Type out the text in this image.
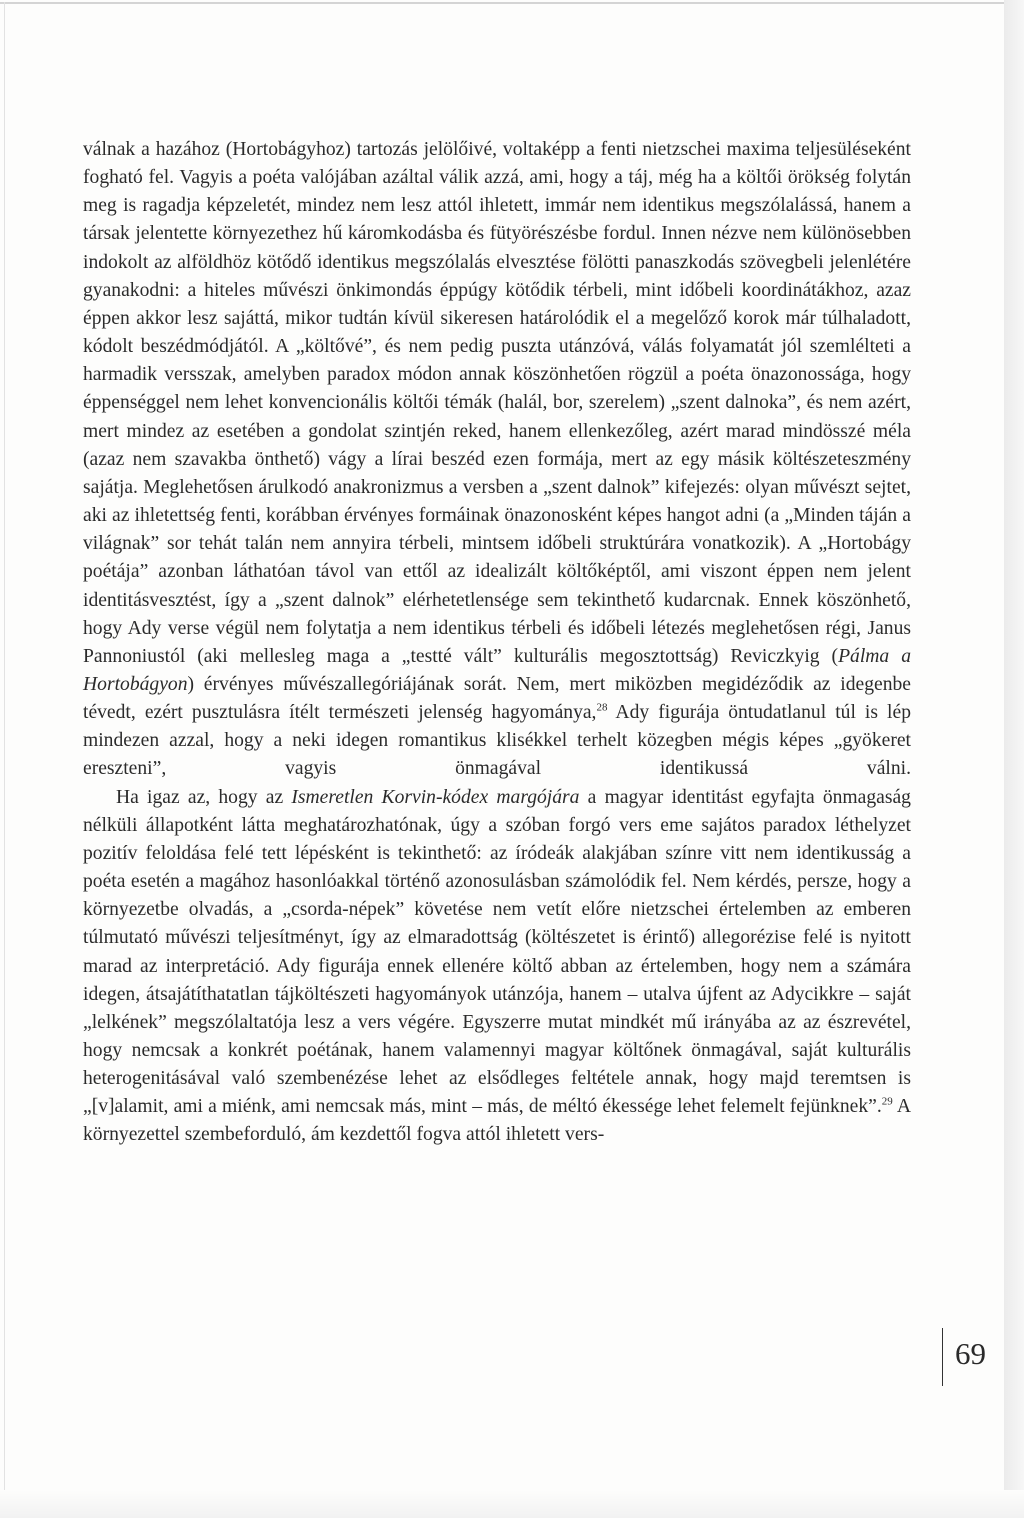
válnak a hazához (Hortobágyhoz) tartozás jelölőivé, voltaképp a fenti nietzschei maxima teljesüléseként fogható fel. Vagyis a poéta valójában azáltal válik azzá, ami, hogy a táj, még ha a költői örökség folytán meg is ragadja képzeletét, mindez nem lesz attól ihletett, immár nem identikus megszólalássá, hanem a társak jelentette környezethez hű káromkodásba és fütyörészésbe fordul. Innen nézve nem különösebben indokolt az alföldhöz kötődő identikus megszólalás elvesztése fölötti panaszkodás szövegbeli jelenlétére gyanakodni: a hiteles művészi önkimondás éppúgy kötődik térbeli, mint időbeli koordinátákhoz, azaz éppen akkor lesz sajáttá, mikor tudtán kívül sikeresen határolódik el a megelőző korok már túlhaladott, kódolt beszédmódjától. A „költővé”, és nem pedig puszta utánzóvá, válás folyamatát jól szemlélteti a harmadik versszak, amelyben paradox módon annak köszönhetően rögzül a poéta önazonossága, hogy éppenséggel nem lehet konvencionális költői témák (halál, bor, szerelem) „szent dalnoka”, és nem azért, mert mindez az esetében a gondolat szintjén reked, hanem ellenkezőleg, azért marad mindösszé méla (azaz nem szavakba önthető) vágy a lírai beszéd ezen formája, mert az egy másik költészeteszmény sajátja. Meglehetősen árulkodó anakronizmus a versben a „szent dalnok” kifejezés: olyan művészt sejtet, aki az ihletettség fenti, korábban érvényes formáinak önazonosként képes hangot adni (a „Minden táján a világnak” sor tehát talán nem annyira térbeli, mintsem időbeli struktúrára vonatkozik). A „Hortobágy poétája” azonban láthatóan távol van ettől az idealizált költőképtől, ami viszont éppen nem jelent identitásvesztést, így a „szent dalnok” elérhetetlensége sem tekinthető kudarcnak. Ennek köszönhető, hogy Ady verse végül nem folytatja a nem identikus térbeli és időbeli létezés meglehetősen régi, Janus Pannoniustól (aki mellesleg maga a „testté vált” kulturális megosztottság) Reviczkyig (Pálma a Hortobágyon) érvényes művészallegóriájának sorát. Nem, mert miközben megidéződik az idegenbe tévedt, ezért pusztulásra ítélt természeti jelenség hagyománya,$^{28}$ Ady figurája öntudatlanul túl is lép mindezen azzal, hogy a neki idegen romantikus klisékkel terhelt közegben mégis képes „gyökeret ereszteni”, vagyis önmagával identikussá válni.

Ha igaz az, hogy az Ismeretlen Korvin-kódex margójára a magyar identitást egyfajta önmagaság nélküli állapotként látta meghatározhatónak, úgy a szóban forgó vers eme sajátos paradox léthelyzet pozitív feloldása felé tett lépésként is tekinthető: az íródeák alakjában színre vitt nem identikusság a poéta esetén a magához hasonlóakkal történő azonosulásban számolódik fel. Nem kérdés, persze, hogy a környezetbe olvadás, a „csorda-népek” követése nem vetít előre nietzschei értelemben az emberen túlmutató művészi teljesítményt, így az elmaradottság (költészetet is érintő) allegorézise felé is nyitott marad az interpretáció. Ady figurája ennek ellenére költő abban az értelemben, hogy nem a számára idegen, átsajátíthatatlan tájköltészeti hagyományok utánzója, hanem – utalva újfent az Adycikkre – saját „lelkének” megszólaltatója lesz a vers végére. Egyszerre mutat mindkét mű irányába az az észrevétel, hogy nemcsak a konkrét poétának, hanem valamennyi magyar költőnek önmagával, saját kulturális heterogenitásával való szembenézése lehet az elsődleges feltétele annak, hogy majd teremtsen is „[v]alamit, ami a miénk, ami nemcsak más, mint – más, de méltó ékessége lehet felemelt fejünknek”.$^{29}$ A környezettel szembeforduló, ám kezdettől fogva attól ihletett vers-

69
